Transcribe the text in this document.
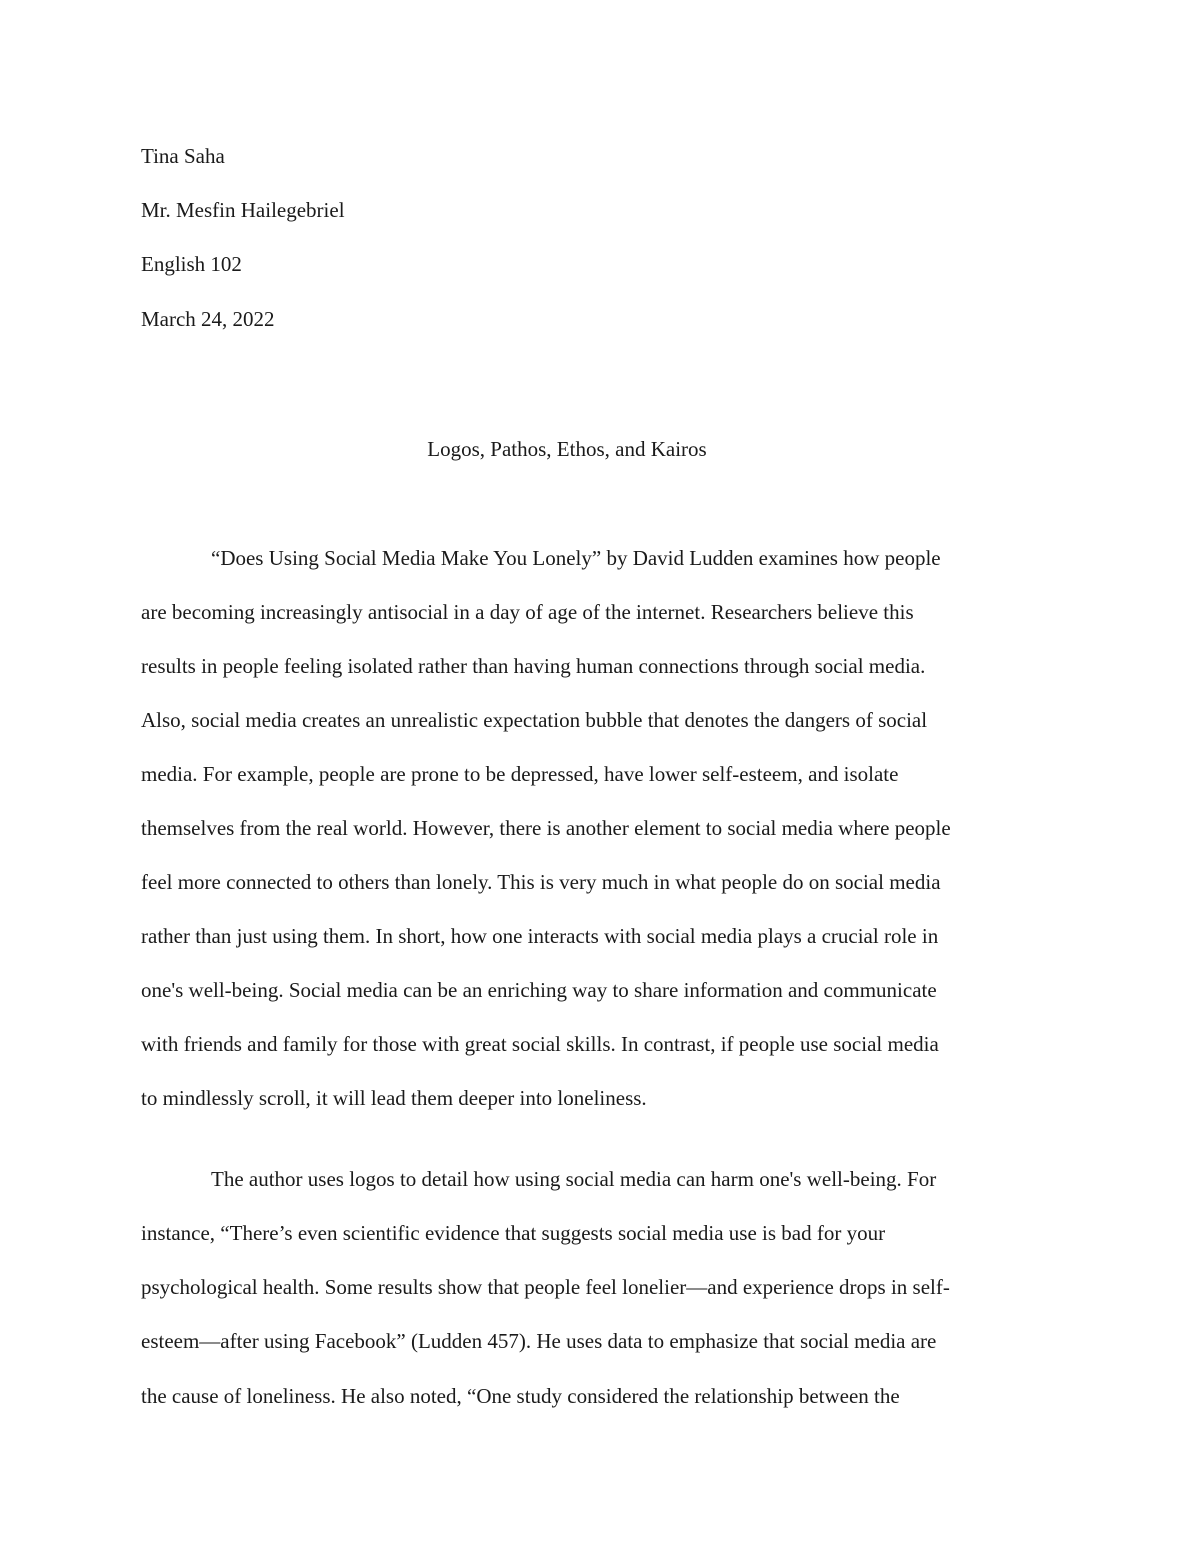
Tina Saha
Mr. Mesfin Hailegebriel
English 102
March 24, 2022
Logos, Pathos, Ethos, and Kairos
“Does Using Social Media Make You Lonely” by David Ludden examines how people
are becoming increasingly antisocial in a day of age of the internet. Researchers believe this
results in people feeling isolated rather than having human connections through social media.
Also, social media creates an unrealistic expectation bubble that denotes the dangers of social
media. For example, people are prone to be depressed, have lower self-esteem, and isolate
themselves from the real world. However, there is another element to social media where people
feel more connected to others than lonely. This is very much in what people do on social media
rather than just using them. In short, how one interacts with social media plays a crucial role in
one's well-being. Social media can be an enriching way to share information and communicate
with friends and family for those with great social skills. In contrast, if people use social media
to mindlessly scroll, it will lead them deeper into loneliness.
The author uses logos to detail how using social media can harm one's well-being. For
instance, “There’s even scientific evidence that suggests social media use is bad for your
psychological health. Some results show that people feel lonelier—and experience drops in self-
esteem—after using Facebook” (Ludden 457). He uses data to emphasize that social media are
the cause of loneliness. He also noted, “One study considered the relationship between the
